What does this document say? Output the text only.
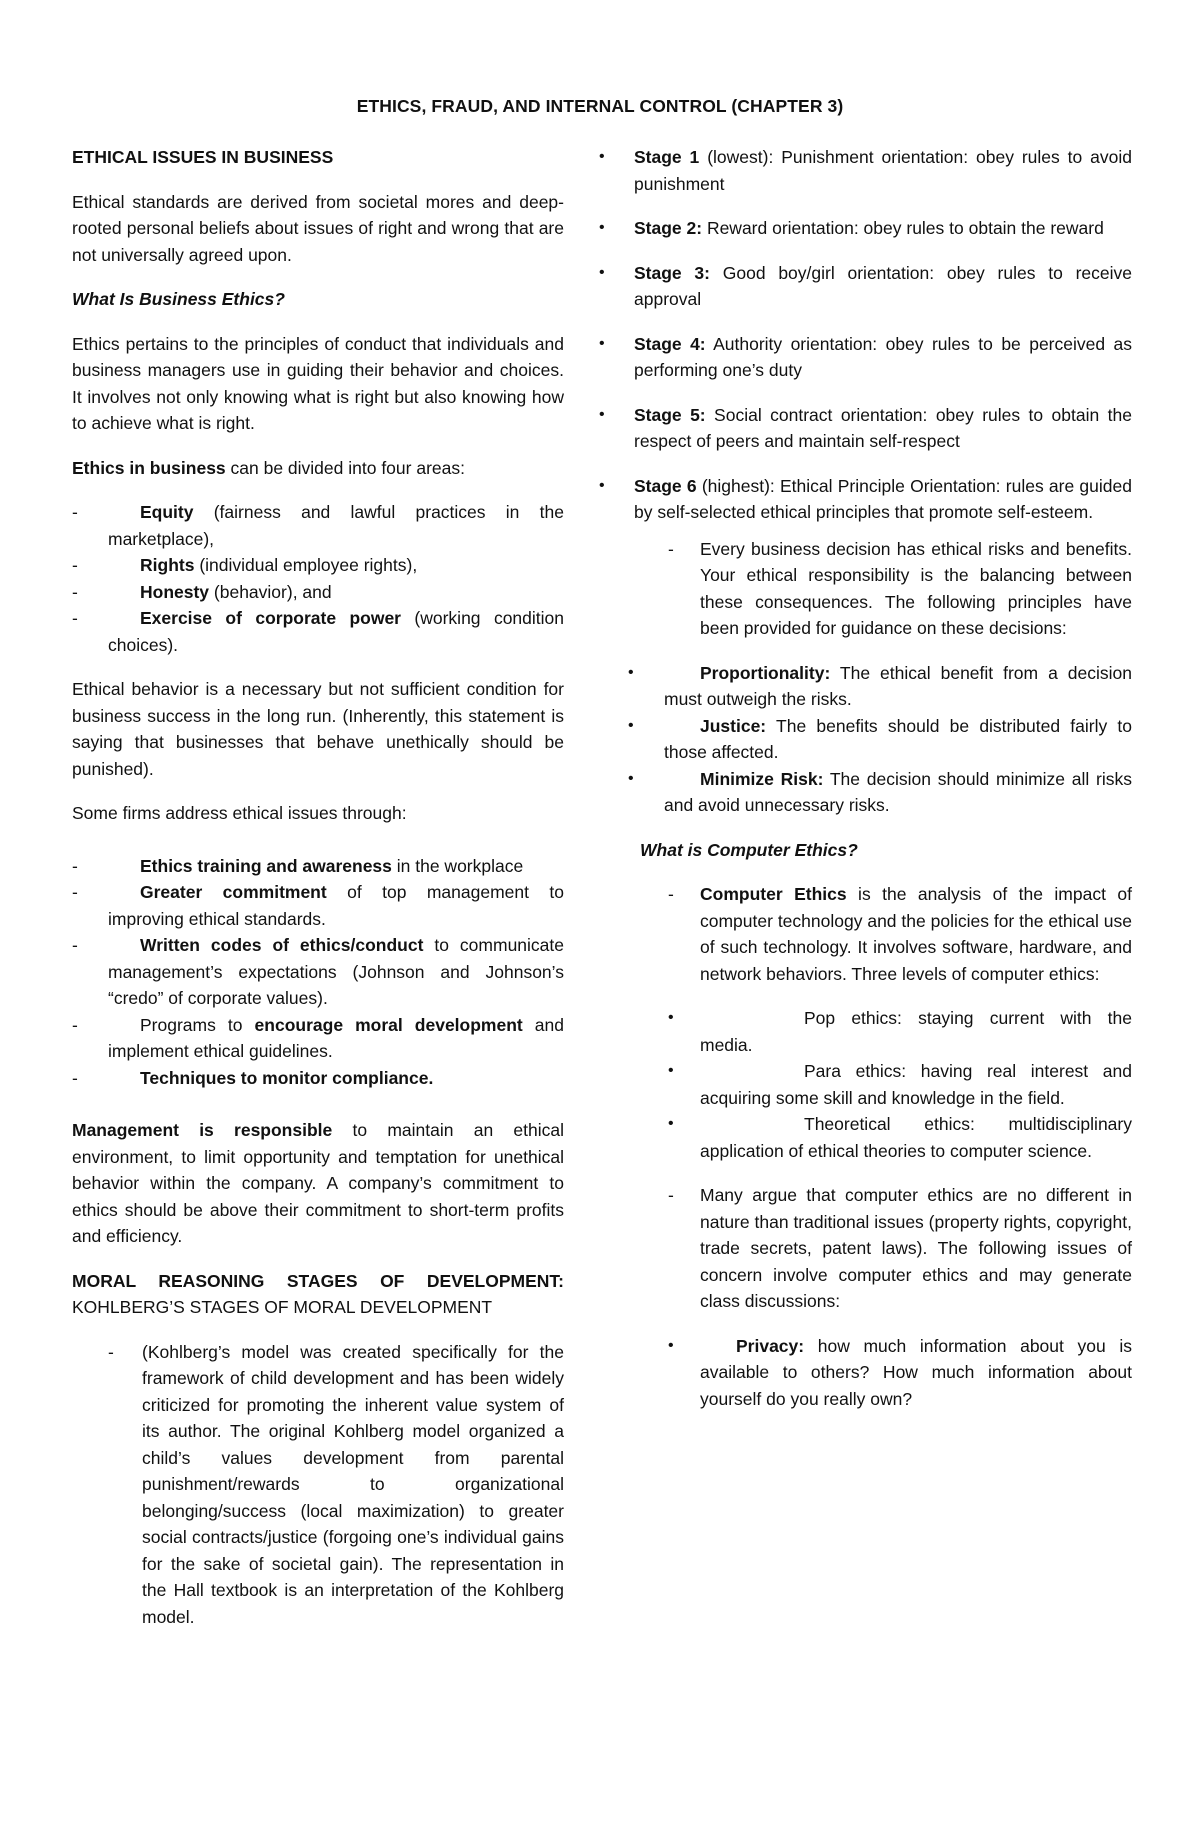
ETHICS, FRAUD, AND INTERNAL CONTROL (CHAPTER 3)
ETHICAL ISSUES IN BUSINESS

Ethical standards are derived from societal mores and deep-rooted personal beliefs about issues of right and wrong that are not universally agreed upon.

What Is Business Ethics?

Ethics pertains to the principles of conduct that individuals and business managers use in guiding their behavior and choices. It involves not only knowing what is right but also knowing how to achieve what is right.

Ethics in business can be divided into four areas:

-	Equity (fairness and lawful practices in the marketplace),
-	Rights (individual employee rights),
-	Honesty (behavior), and
-	Exercise of corporate power (working condition choices).

Ethical behavior is a necessary but not sufficient condition for business success in the long run. (Inherently, this statement is saying that businesses that behave unethically should be punished).

Some firms address ethical issues through:

-	Ethics training and awareness in the workplace
-	Greater commitment of top management to improving ethical standards.
-	Written codes of ethics/conduct to communicate management’s expectations (Johnson and Johnson’s “credo” of corporate values).
-	Programs to encourage moral development and implement ethical guidelines.
-	Techniques to monitor compliance.

Management is responsible to maintain an ethical environment, to limit opportunity and temptation for unethical behavior within the company. A company’s commitment to ethics should be above their commitment to short-term profits and efficiency.

MORAL REASONING STAGES OF DEVELOPMENT:
KOHLBERG’S STAGES OF MORAL DEVELOPMENT
- (Kohlberg’s model was created specifically for the framework of child development and has been widely criticized for promoting the inherent value system of its author. The original Kohlberg model organized a child’s values development from parental punishment/rewards to organizational belonging/success (local maximization) to greater social contracts/justice (forgoing one’s individual gains for the sake of societal gain). The representation in the Hall textbook is an interpretation of the Kohlberg model.
• Stage 1 (lowest): Punishment orientation: obey rules to avoid punishment
• Stage 2: Reward orientation: obey rules to obtain the reward
• Stage 3: Good boy/girl orientation: obey rules to receive approval
• Stage 4: Authority orientation: obey rules to be perceived as performing one’s duty
• Stage 5: Social contract orientation: obey rules to obtain the respect of peers and maintain self-respect
• Stage 6 (highest): Ethical Principle Orientation: rules are guided by self-selected ethical principles that promote self-esteem.
- Every business decision has ethical risks and benefits. Your ethical responsibility is the balancing between these consequences. The following principles have been provided for guidance on these decisions:
•	Proportionality: The ethical benefit from a decision must outweigh the risks.
•	Justice: The benefits should be distributed fairly to those affected.
•	Minimize Risk: The decision should minimize all risks and avoid unnecessary risks.
What is Computer Ethics?
- Computer Ethics is the analysis of the impact of computer technology and the policies for the ethical use of such technology. It involves software, hardware, and network behaviors. Three levels of computer ethics:
•	Pop ethics: staying current with the media.
•	Para ethics: having real interest and acquiring some skill and knowledge in the field.
•	Theoretical ethics: multidisciplinary application of ethical theories to computer science.
- Many argue that computer ethics are no different in nature than traditional issues (property rights, copyright, trade secrets, patent laws). The following issues of concern involve computer ethics and may generate class discussions:
•	Privacy: how much information about you is available to others? How much information about yourself do you really own?
